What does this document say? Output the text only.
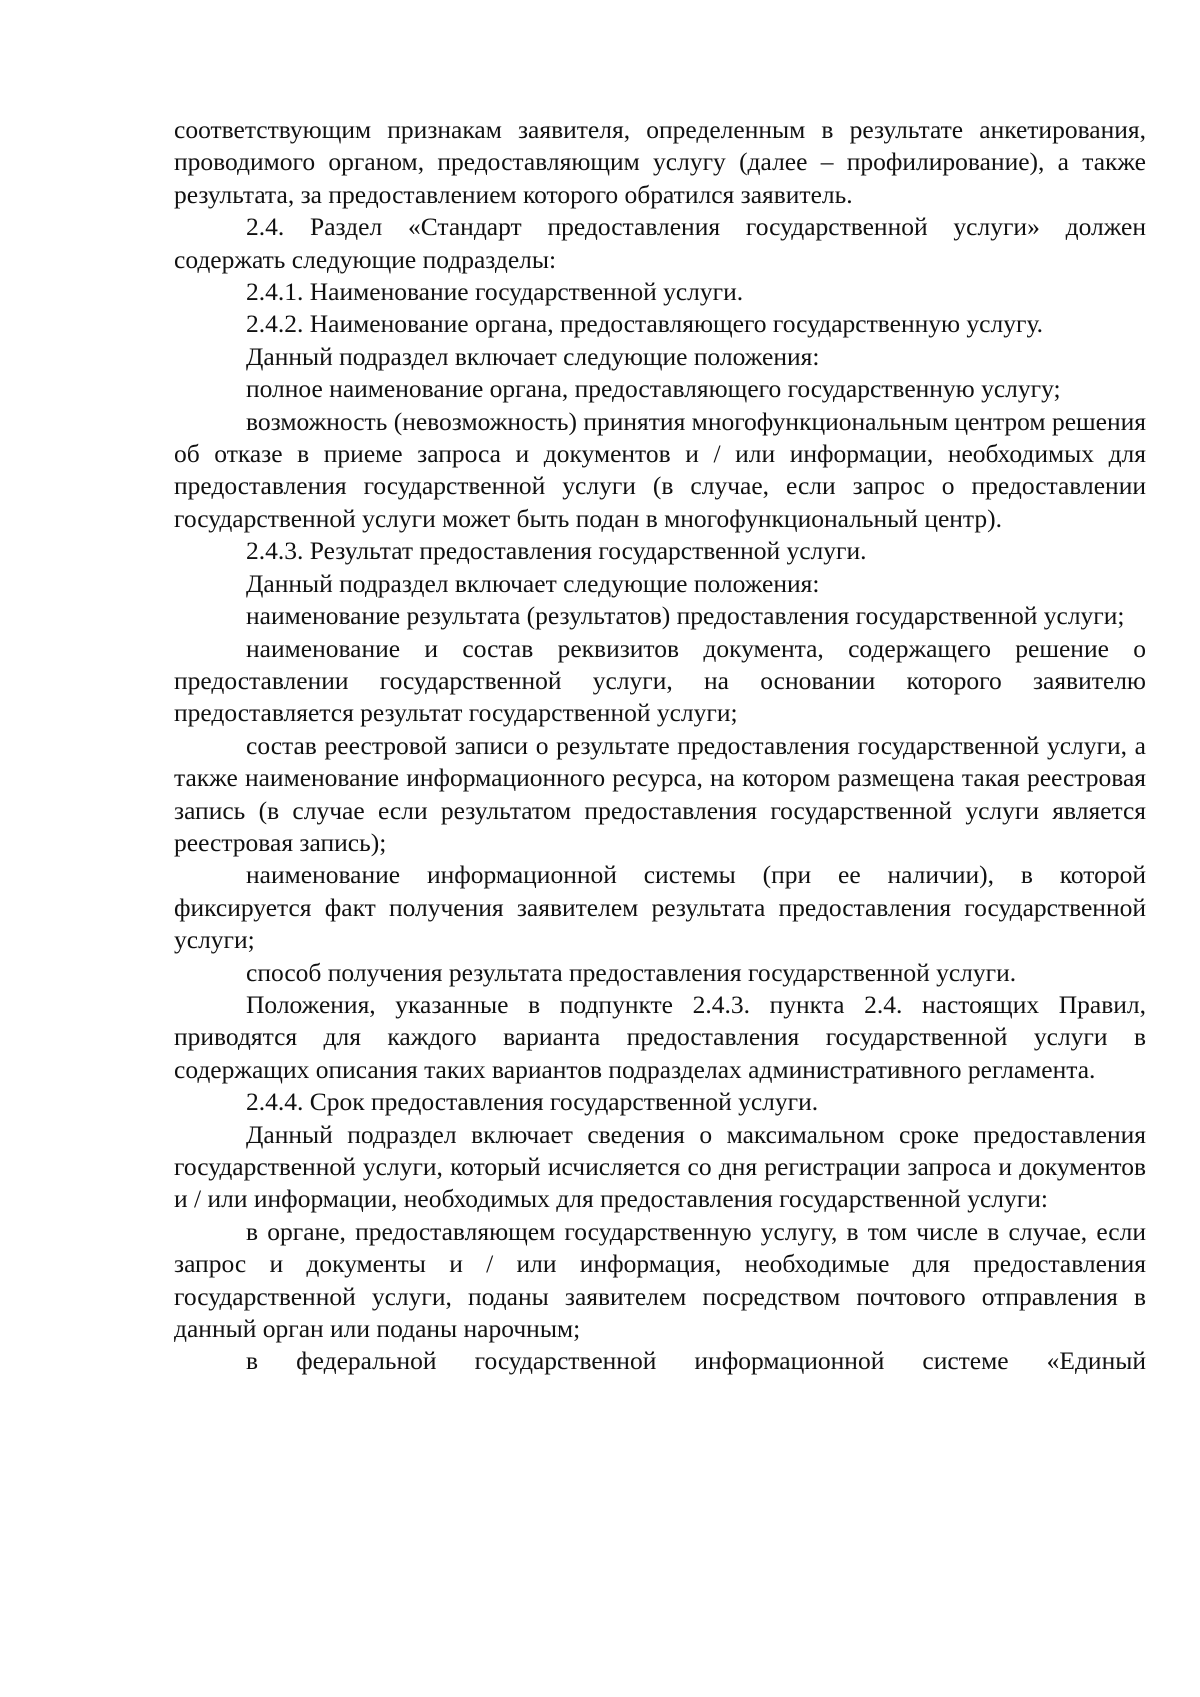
соответствующим признакам заявителя, определенным в результате анкетирования, проводимого органом, предоставляющим услугу (далее – профилирование), а также результата, за предоставлением которого обратился заявитель.

2.4. Раздел «Стандарт предоставления государственной услуги» должен содержать следующие подразделы:

2.4.1. Наименование государственной услуги.

2.4.2. Наименование органа, предоставляющего государственную услугу.

Данный подраздел включает следующие положения:

полное наименование органа, предоставляющего государственную услугу;

возможность (невозможность) принятия многофункциональным центром решения об отказе в приеме запроса и документов и / или информации, необходимых для предоставления государственной услуги (в случае, если запрос о предоставлении государственной услуги может быть подан в многофункциональный центр).

2.4.3. Результат предоставления государственной услуги.

Данный подраздел включает следующие положения:

наименование результата (результатов) предоставления государственной услуги;

наименование и состав реквизитов документа, содержащего решение о предоставлении государственной услуги, на основании которого заявителю предоставляется результат государственной услуги;

состав реестровой записи о результате предоставления государственной услуги, а также наименование информационного ресурса, на котором размещена такая реестровая запись (в случае если результатом предоставления государственной услуги является реестровая запись);

наименование информационной системы (при ее наличии), в которой фиксируется факт получения заявителем результата предоставления государственной услуги;

способ получения результата предоставления государственной услуги.

Положения, указанные в подпункте 2.4.3. пункта 2.4. настоящих Правил, приводятся для каждого варианта предоставления государственной услуги в содержащих описания таких вариантов подразделах административного регламента.

2.4.4. Срок предоставления государственной услуги.

Данный подраздел включает сведения о максимальном сроке предоставления государственной услуги, который исчисляется со дня регистрации запроса и документов и / или информации, необходимых для предоставления государственной услуги:

в органе, предоставляющем государственную услугу, в том числе в случае, если запрос и документы и / или информация, необходимые для предоставления государственной услуги, поданы заявителем посредством почтового отправления в данный орган или поданы нарочным;

в федеральной государственной информационной системе «Единый
